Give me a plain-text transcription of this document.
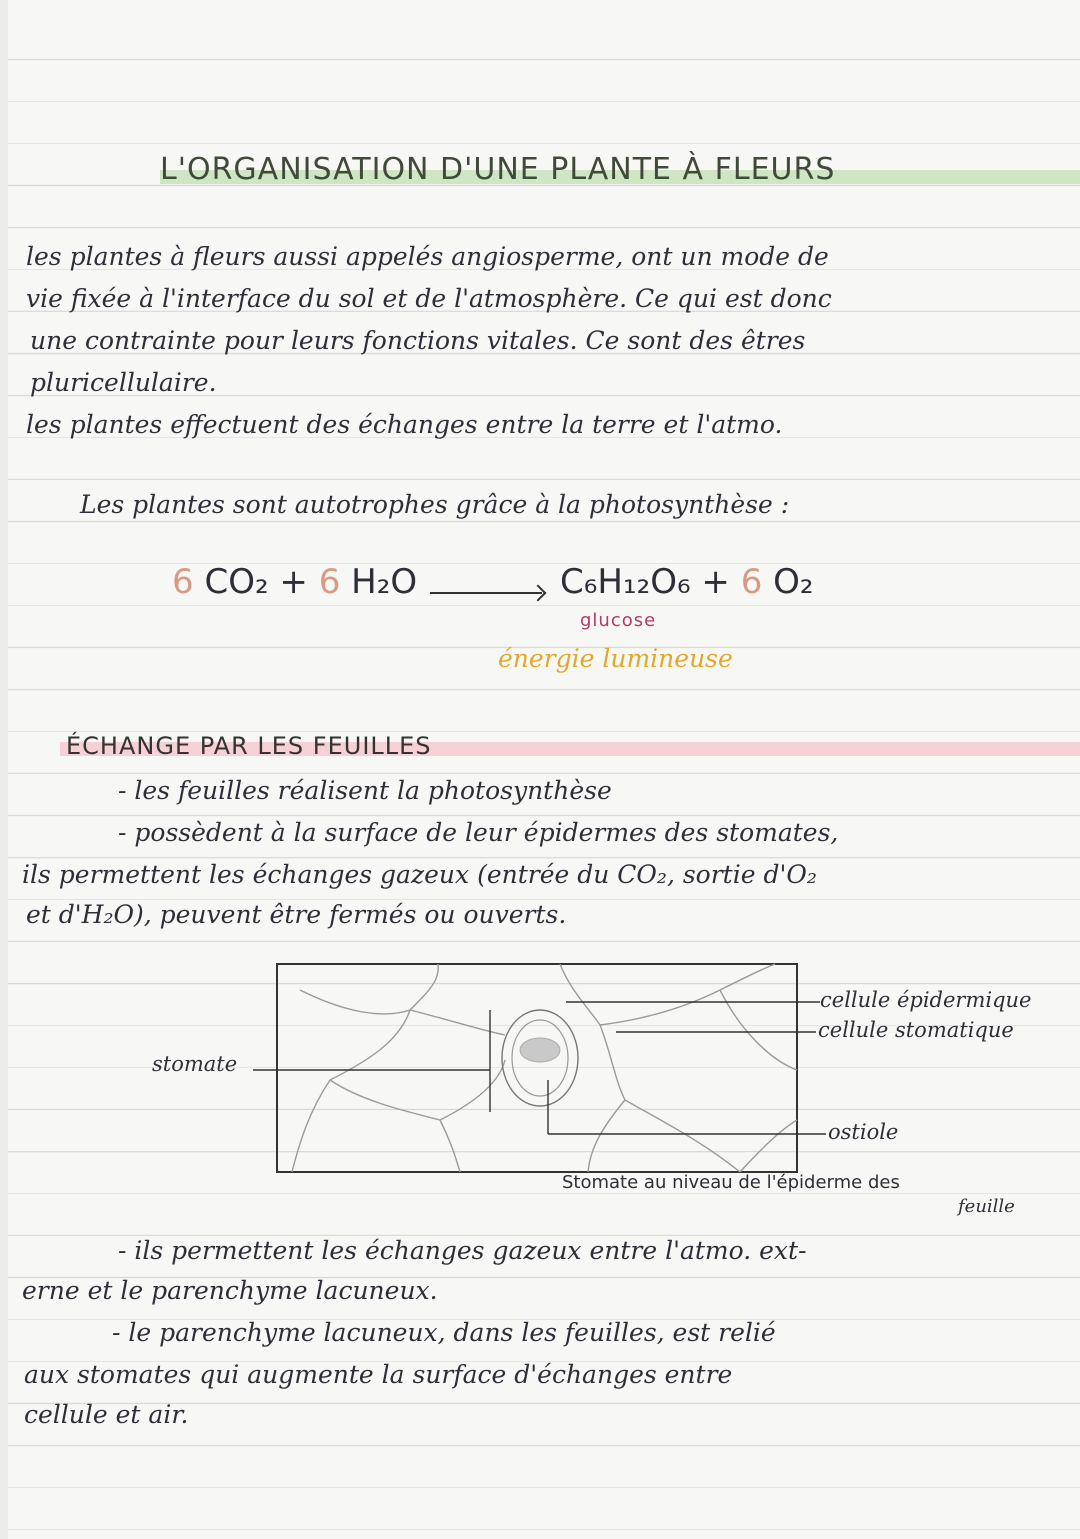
L'ORGANISATION D'UNE PLANTE À FLEURS
les plantes à fleurs aussi appelés angiosperme, ont un mode de
vie fixée à l'interface du sol et de l'atmosphère. Ce qui est donc
une contrainte pour leurs fonctions vitales. Ce sont des êtres
pluricellulaire.
les plantes effectuent des échanges entre la terre et l'atmo.
Les plantes sont autotrophes grâce à la photosynthèse :
6 CO₂ + 6 H₂O	C₆H₁₂O₆ + 6 O₂
glucose
énergie lumineuse
ÉCHANGE PAR LES FEUILLES
- les feuilles réalisent la photosynthèse
- possèdent à la surface de leur épidermes des stomates,
ils permettent les échanges gazeux (entrée du CO₂, sortie d'O₂
et d'H₂O), peuvent être fermés ou ouverts.
stomate
cellule épidermique
cellule stomatique
ostiole
Stomate au niveau de l'épiderme des
feuille
- ils permettent les échanges gazeux entre l'atmo. ext-
erne et le parenchyme lacuneux.
- le parenchyme lacuneux, dans les feuilles, est relié
aux stomates qui augmente la surface d'échanges entre
cellule et air.
